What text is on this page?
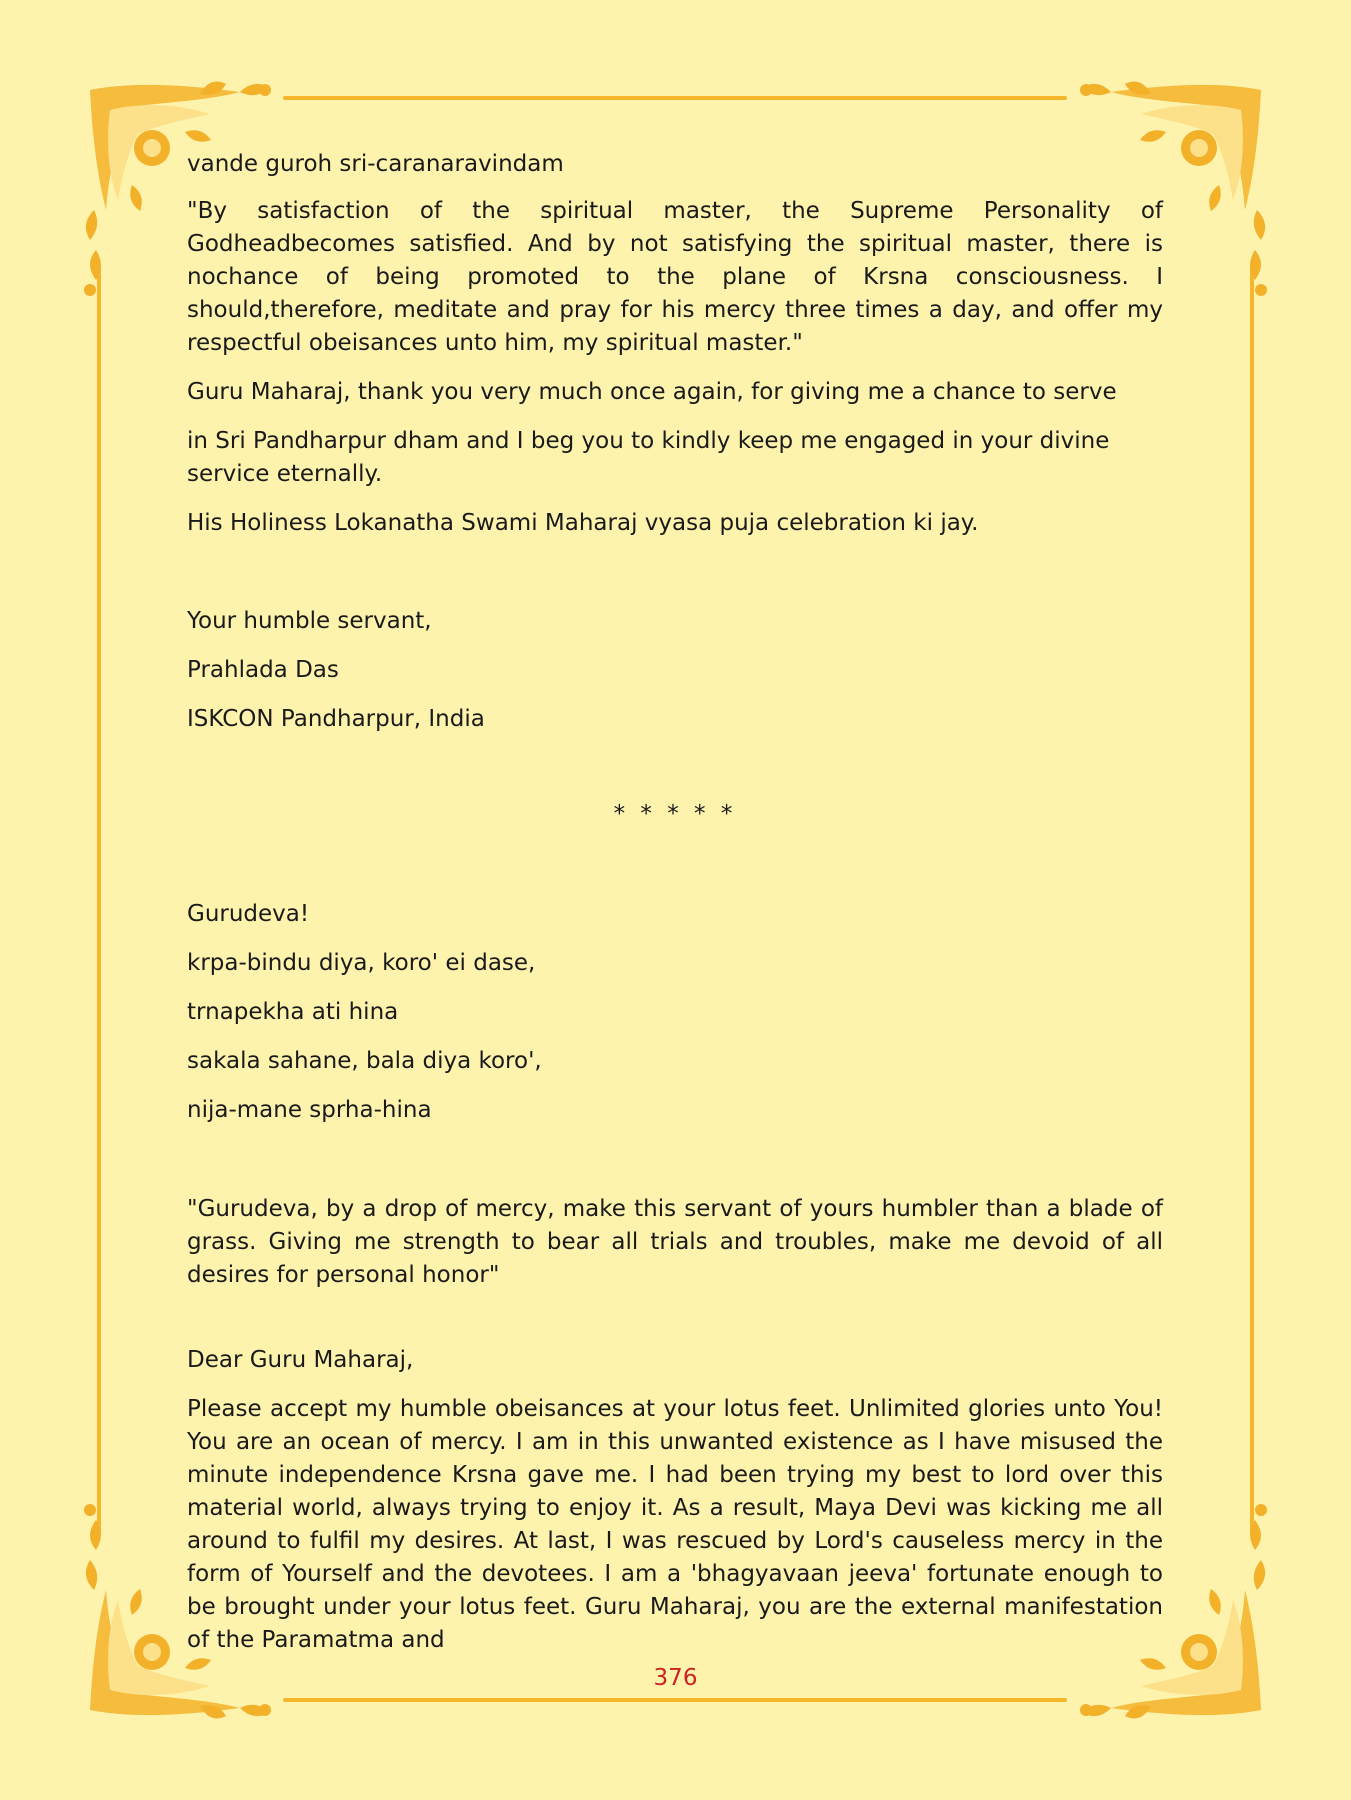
vande guroh sri-caranaravindam

"By satisfaction of the spiritual master, the Supreme Personality of Godheadbecomes satisfied. And by not satisfying the spiritual master, there is nochance of being promoted to the plane of Krsna consciousness. I should,therefore, meditate and pray for his mercy three times a day, and offer my respectful obeisances unto him, my spiritual master."

Guru Maharaj, thank you very much once again, for giving me a chance to serve

in Sri Pandharpur dham and I beg you to kindly keep me engaged in your divine service eternally.

His Holiness Lokanatha Swami Maharaj vyasa puja celebration ki jay.

Your humble servant,

Prahlada Das

ISKCON Pandharpur, India

* * * * *

Gurudeva!

krpa-bindu diya, koro' ei dase,

trnapekha ati hina

sakala sahane, bala diya koro',

nija-mane sprha-hina

"Gurudeva, by a drop of mercy, make this servant of yours humbler than a blade of grass. Giving me strength to bear all trials and troubles, make me devoid of all desires for personal honor"

Dear Guru Maharaj,

Please accept my humble obeisances at your lotus feet. Unlimited glories unto You! You are an ocean of mercy. I am in this unwanted existence as I have misused the minute independence Krsna gave me. I had been trying my best to lord over this material world, always trying to enjoy it. As a result, Maya Devi was kicking me all around to fulfil my desires. At last, I was rescued by Lord's causeless mercy in the form of Yourself and the devotees. I am a 'bhagyavaan jeeva' fortunate enough to be brought under your lotus feet. Guru Maharaj, you are the external manifestation of the Paramatma and

376
